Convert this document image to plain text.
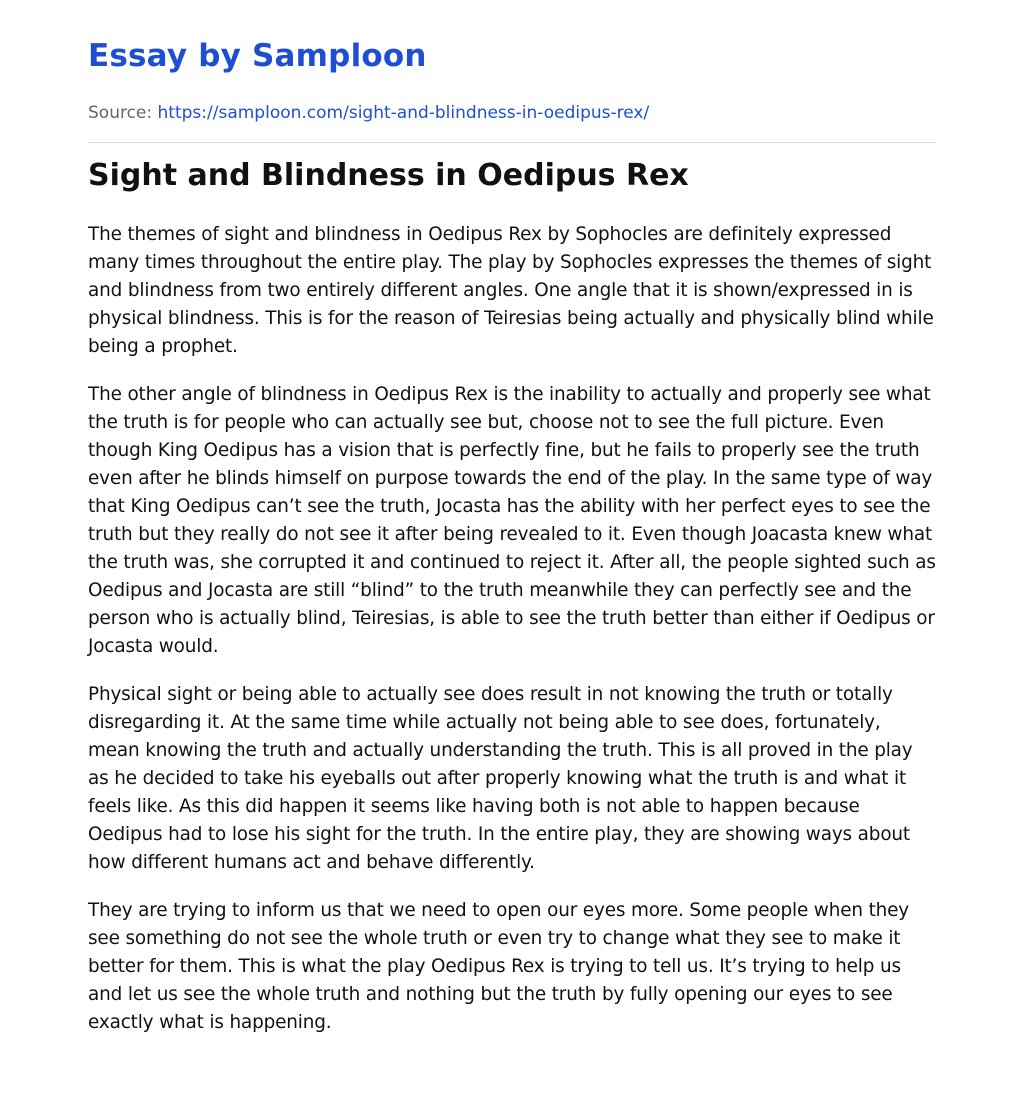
Essay by Samploon
Source: https://samploon.com/sight-and-blindness-in-oedipus-rex/
Sight and Blindness in Oedipus Rex

The themes of sight and blindness in Oedipus Rex by Sophocles are definitely expressed many times throughout the entire play. The play by Sophocles expresses the themes of sight and blindness from two entirely different angles. One angle that it is shown/expressed in is physical blindness. This is for the reason of Teiresias being actually and physically blind while being a prophet.

The other angle of blindness in Oedipus Rex is the inability to actually and properly see what the truth is for people who can actually see but, choose not to see the full picture. Even though King Oedipus has a vision that is perfectly fine, but he fails to properly see the truth even after he blinds himself on purpose towards the end of the play. In the same type of way that King Oedipus can’t see the truth, Jocasta has the ability with her perfect eyes to see the truth but they really do not see it after being revealed to it. Even though Joacasta knew what the truth was, she corrupted it and continued to reject it. After all, the people sighted such as Oedipus and Jocasta are still “blind” to the truth meanwhile they can perfectly see and the person who is actually blind, Teiresias, is able to see the truth better than either if Oedipus or Jocasta would.

Physical sight or being able to actually see does result in not knowing the truth or totally disregarding it. At the same time while actually not being able to see does, fortunately, mean knowing the truth and actually understanding the truth. This is all proved in the play as he decided to take his eyeballs out after properly knowing what the truth is and what it feels like. As this did happen it seems like having both is not able to happen because Oedipus had to lose his sight for the truth. In the entire play, they are showing ways about how different humans act and behave differently.

They are trying to inform us that we need to open our eyes more. Some people when they see something do not see the whole truth or even try to change what they see to make it better for them. This is what the play Oedipus Rex is trying to tell us. It’s trying to help us and let us see the whole truth and nothing but the truth by fully opening our eyes to see exactly what is happening.
